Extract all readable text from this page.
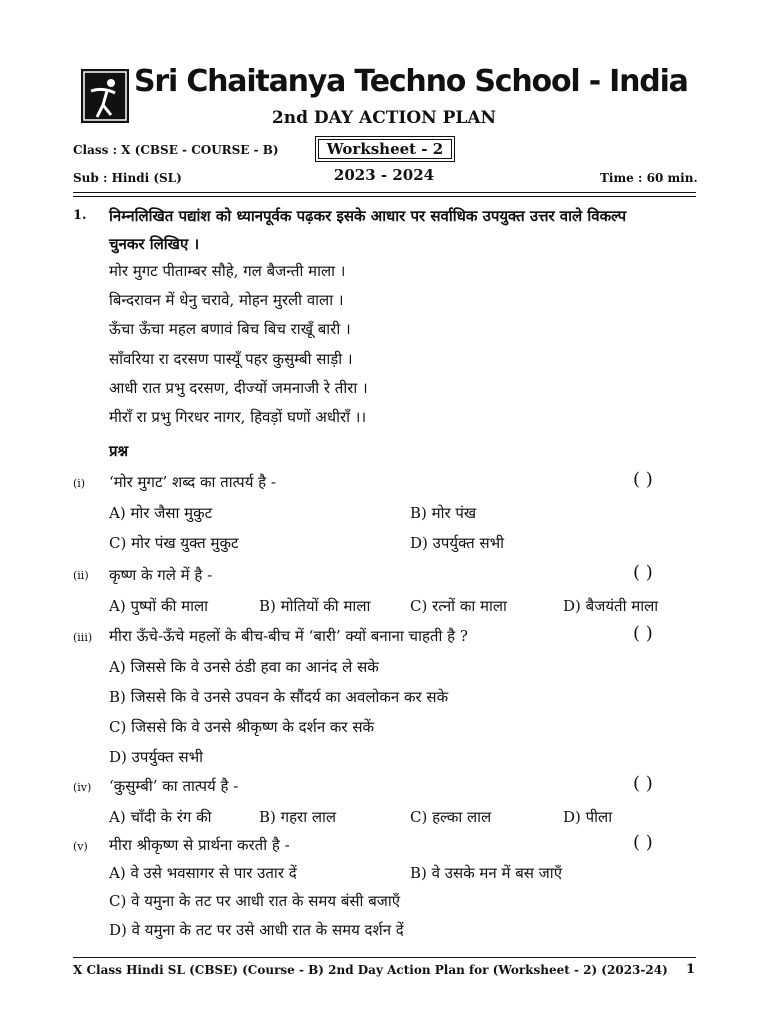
Sri Chaitanya Techno School - India
2nd DAY ACTION PLAN
Class : X (CBSE - COURSE - B)	Worksheet - 2
Sub : Hindi (SL)	2023 - 2024	Time : 60 min.
1. निम्नलिखित पद्यांश को ध्यानपूर्वक पढ़कर इसके आधार पर सर्वाधिक उपयुक्त उत्तर वाले विकल्प
चुनकर लिखिए ।
मोर मुगट पीताम्बर सौहे, गल बैजन्ती माला ।
बिन्दरावन में धेनु चरावे, मोहन मुरली वाला ।
ऊँचा ऊँचा महल बणावं बिच बिच राखूँ बारी ।
साँवरिया रा दरसण पास्यूँ पहर कुसुम्बी साड़ी ।
आधी रात प्रभु दरसण, दीज्यों जमनाजी रे तीरा ।
मीराँ रा प्रभु गिरधर नागर, हिवड़ों घणों अधीराँ ।।
प्रश्न
(i) ‘मोर मुगट’ शब्द का तात्पर्य है -	( )
A) मोर जैसा मुकुट	B) मोर पंख
C) मोर पंख युक्त मुकुट	D) उपर्युक्त सभी
(ii) कृष्ण के गले में है -	( )
A) पुष्पों की माला	B) मोतियों की माला	C) रत्नों का माला	D) बैजयंती माला
(iii) मीरा ऊँचे-ऊँचे महलों के बीच-बीच में ‘बारी’ क्यों बनाना चाहती है ?	( )
A) जिससे कि वे उनसे ठंडी हवा का आनंद ले सके
B) जिससे कि वे उनसे उपवन के सौंदर्य का अवलोकन कर सके
C) जिससे कि वे उनसे श्रीकृष्ण के दर्शन कर सकें
D) उपर्युक्त सभी
(iv) ‘कुसुम्बी’ का तात्पर्य है -	( )
A) चाँदी के रंग की	B) गहरा लाल	C) हल्का लाल	D) पीला
(v) मीरा श्रीकृष्ण से प्रार्थना करती है -	( )
A) वे उसे भवसागर से पार उतार दें	B) वे उसके मन में बस जाएँ
C) वे यमुना के तट पर आधी रात के समय बंसी बजाएँ
D) वे यमुना के तट पर उसे आधी रात के समय दर्शन दें
X Class Hindi SL (CBSE) (Course - B) 2nd Day Action Plan for (Worksheet - 2) (2023-24) 1
